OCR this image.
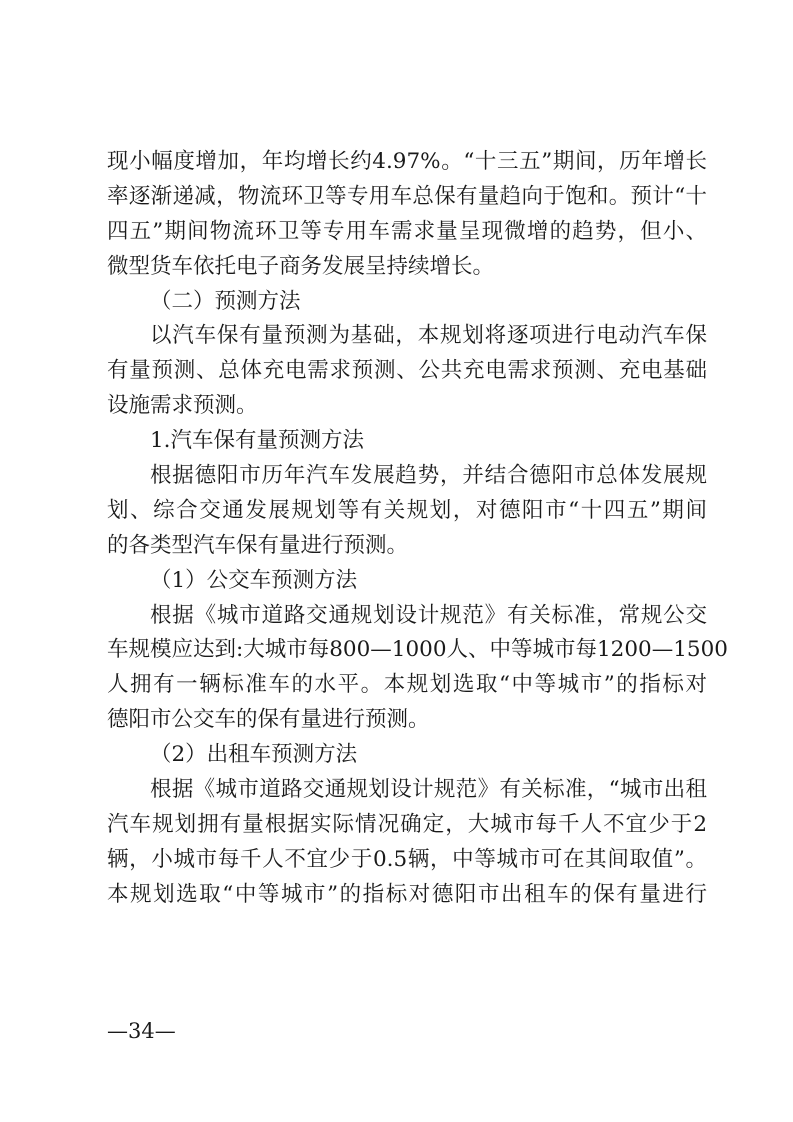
现小幅度增加，年均增长约4.97%。“十三五”期间，历年增长
率逐渐递减，物流环卫等专用车总保有量趋向于饱和。预计“十
四五”期间物流环卫等专用车需求量呈现微增的趋势，但小、
微型货车依托电子商务发展呈持续增长。
（二）预测方法
以汽车保有量预测为基础，本规划将逐项进行电动汽车保
有量预测、总体充电需求预测、公共充电需求预测、充电基础
设施需求预测。
1.汽车保有量预测方法
根据德阳市历年汽车发展趋势，并结合德阳市总体发展规
划、综合交通发展规划等有关规划，对德阳市“十四五”期间
的各类型汽车保有量进行预测。
（1）公交车预测方法
根据《城市道路交通规划设计规范》有关标准，常规公交
车规模应达到:大城市每800—1000人、中等城市每1200—1500
人拥有一辆标准车的水平。本规划选取“中等城市”的指标对
德阳市公交车的保有量进行预测。
（2）出租车预测方法
根据《城市道路交通规划设计规范》有关标准，“城市出租
汽车规划拥有量根据实际情况确定，大城市每千人不宜少于2
辆，小城市每千人不宜少于0.5辆，中等城市可在其间取值”。
本规划选取“中等城市”的指标对德阳市出租车的保有量进行
—34—
